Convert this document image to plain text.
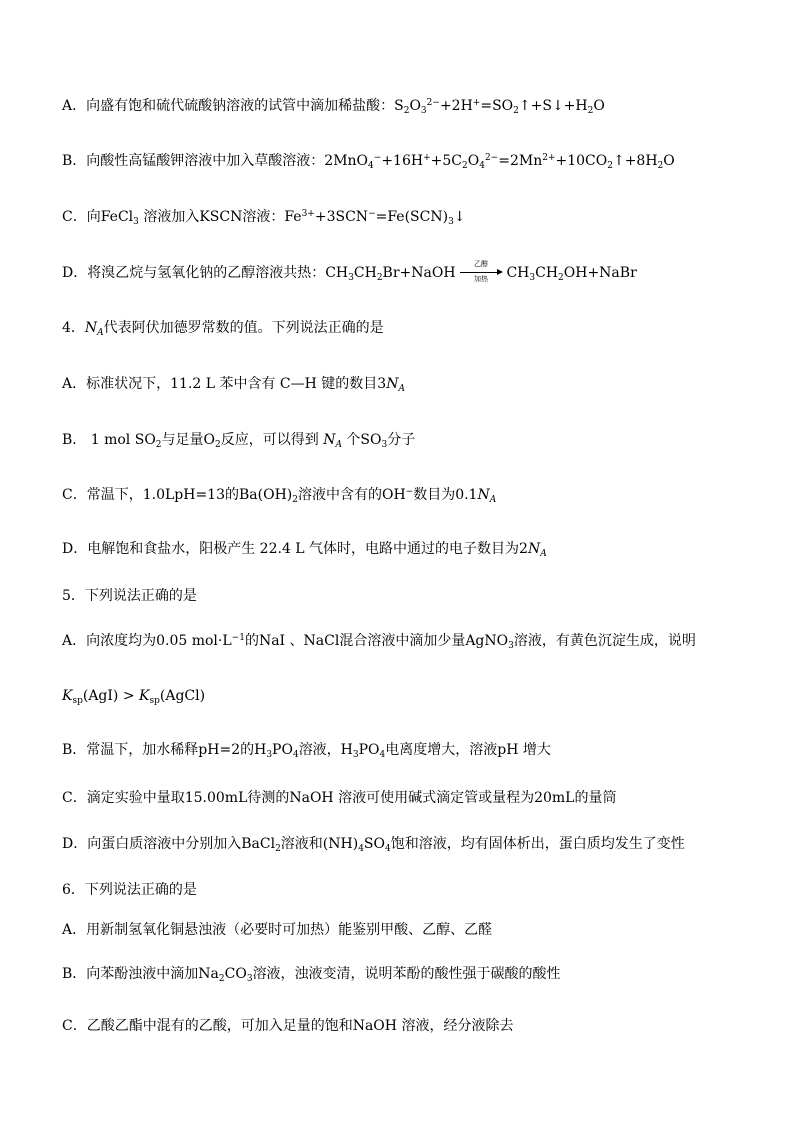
A．向盛有饱和硫代硫酸钠溶液的试管中滴加稀盐酸：$S_2O_3^{2-}+2H^+=SO_2↑+S↓+H_2O$
B．向酸性高锰酸钾溶液中加入草酸溶液：$2MnO_4^-+16H^++5C_2O_4^{2-}=2Mn^{2+}+10CO_2↑+8H_2O$
C．向FeCl$_3$ 溶液加入KSCN溶液：$Fe^{3+}+3SCN^-=Fe(SCN)_3↓$
D．将溴乙烷与氢氧化钠的乙醇溶液共热：$CH_3CH_2Br+NaOH$
乙醇
加热	$CH_3CH_2OH+NaBr$
4．$N_A$代表阿伏加德罗常数的值。下列说法正确的是
A．标准状况下，11.2 L 苯中含有 C—H 键的数目$3N_A$
B． 1 mol $SO_2$与足量$O_2$反应，可以得到 $N_A$ 个$SO_3$分子
C．常温下，1.0LpH=13的$Ba(OH)_2$溶液中含有的OH−数目为$0.1N_A$
D．电解饱和食盐水，阳极产生 22.4 L 气体时，电路中通过的电子数目为$2N_A$
5．下列说法正确的是
A．向浓度均为0.05 $mol\cdot L^{-1}$的NaI 、NaCl混合溶液中滴加少量AgNO$_3$溶液，有黄色沉淀生成，说明
$K_{sp}(AgI)$ > $K_{sp}(AgCl)$
B．常温下，加水稀释pH=2的$H_3PO_4$溶液，$H_3PO_4$电离度增大，溶液pH 增大
C．滴定实验中量取15.00mL待测的NaOH 溶液可使用碱式滴定管或量程为20mL的量筒
D．向蛋白质溶液中分别加入BaCl$_2$溶液和$(NH)_4SO_4$饱和溶液，均有固体析出，蛋白质均发生了变性
6．下列说法正确的是
A．用新制氢氧化铜悬浊液（必要时可加热）能鉴别甲酸、乙醇、乙醛
B．向苯酚浊液中滴加$Na_2CO_3$溶液，浊液变清，说明苯酚的酸性强于碳酸的酸性
C．乙酸乙酯中混有的乙酸，可加入足量的饱和NaOH 溶液，经分液除去
